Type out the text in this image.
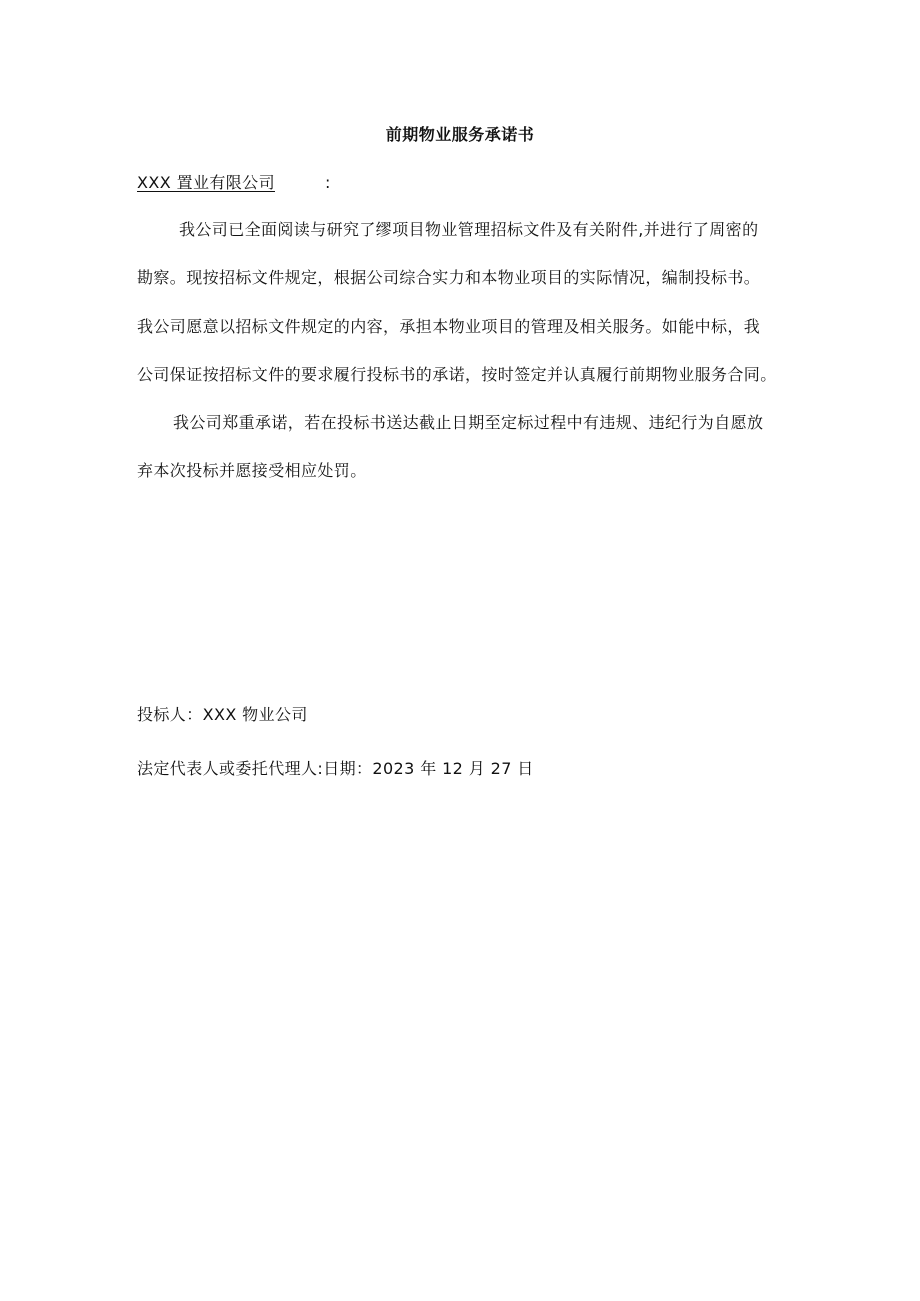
前期物业服务承诺书
XXX 置业有限公司	:
我公司已全面阅读与研究了缪项目物业管理招标文件及有关附件,并进行了周密的
勘察。现按招标文件规定，根据公司综合实力和本物业项目的实际情况，编制投标书。
我公司愿意以招标文件规定的内容，承担本物业项目的管理及相关服务。如能中标，我
公司保证按招标文件的要求履行投标书的承诺，按时签定并认真履行前期物业服务合同。
我公司郑重承诺，若在投标书送达截止日期至定标过程中有违规、违纪行为自愿放
弃本次投标并愿接受相应处罚。
投标人：XXX 物业公司
法定代表人或委托代理人:日期：2023 年 12 月 27 日
